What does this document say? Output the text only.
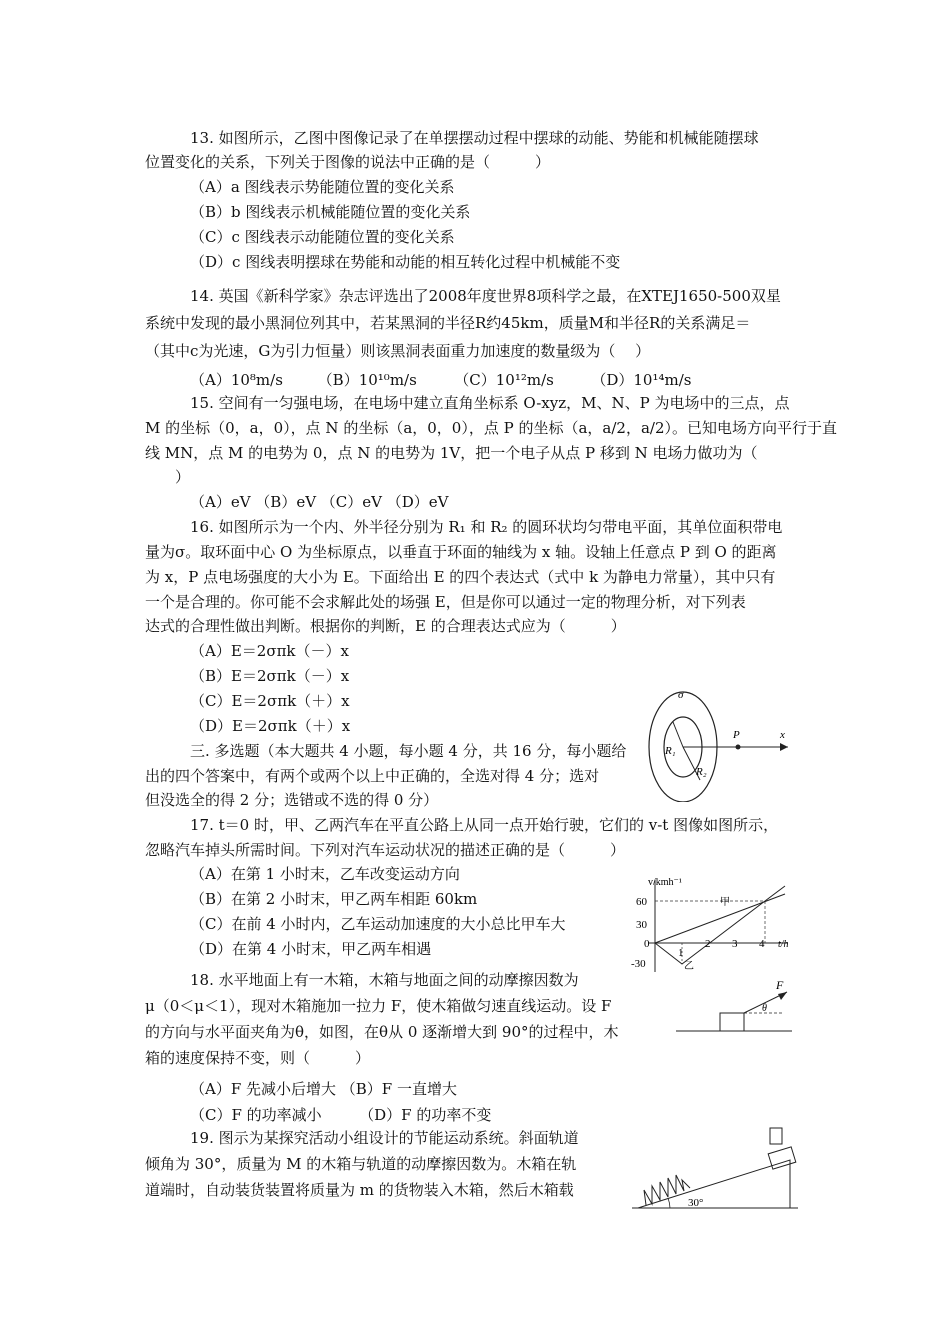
13. 如图所示，乙图中图像记录了在单摆摆动过程中摆球的动能、势能和机械能随摆球
位置变化的关系，下列关于图像的说法中正确的是（　　　）
（A）a 图线表示势能随位置的变化关系
（B）b 图线表示机械能随位置的变化关系
（C）c 图线表示动能随位置的变化关系
（D）c 图线表明摆球在势能和动能的相互转化过程中机械能不变
14. 英国《新科学家》杂志评选出了2008年度世界8项科学之最，在XTEJ1650-500双星
系统中发现的最小黑洞位列其中，若某黑洞的半径R约45km，质量M和半径R的关系满足＝
（其中c为光速，G为引力恒量）则该黑洞表面重力加速度的数量级为（　 ）
（A）10⁸m/s　　 （B）10¹⁰m/s　　　（C）10¹²m/s　　　（D）10¹⁴m/s
15. 空间有一匀强电场，在电场中建立直角坐标系 O-xyz，M、N、P 为电场中的三点，点
M 的坐标（0，a，0），点 N 的坐标（a，0，0），点 P 的坐标（a，a/2，a/2）。已知电场方向平行于直
线 MN，点 M 的电势为 0，点 N 的电势为 1V，把一个电子从点 P 移到 N 电场力做功为（
）
（A）eV （B）eV （C）eV （D）eV
16. 如图所示为一个内、外半径分别为 R₁ 和 R₂ 的圆环状均匀带电平面，其单位面积带电
量为σ。取环面中心 O 为坐标原点，以垂直于环面的轴线为 x 轴。设轴上任意点 P 到 O 的距离
为 x，P 点电场强度的大小为 E。下面给出 E 的四个表达式（式中 k 为静电力常量），其中只有
一个是合理的。你可能不会求解此处的场强 E，但是你可以通过一定的物理分析，对下列表
达式的合理性做出判断。根据你的判断，E 的合理表达式应为（　　　）
（A）E＝2σπk（－）x
（B）E＝2σπk（－）x
（C）E＝2σπk（＋）x
（D）E＝2σπk（＋）x
三. 多选题（本大题共 4 小题，每小题 4 分，共 16 分，每小题给
出的四个答案中，有两个或两个以上中正确的，全选对得 4 分；选对
但没选全的得 2 分；选错或不选的得 0 分）
17. t＝0 时，甲、乙两汽车在平直公路上从同一点开始行驶，它们的 v-t 图像如图所示，
忽略汽车掉头所需时间。下列对汽车运动状况的描述正确的是（　　　）
（A）在第 1 小时末，乙车改变运动方向
（B）在第 2 小时末，甲乙两车相距 60km
（C）在前 4 小时内，乙车运动加速度的大小总比甲车大
（D）在第 4 小时末，甲乙两车相遇
18. 水平地面上有一木箱，木箱与地面之间的动摩擦因数为
μ（0＜μ＜1），现对木箱施加一拉力 F，使木箱做匀速直线运动。设 F
的方向与水平面夹角为θ，如图，在θ从 0 逐渐增大到 90°的过程中，木
箱的速度保持不变，则（　　　）
（A）F 先减小后增大 （B）F 一直增大
（C）F 的功率减小　　　（D）F 的功率不变
19. 图示为某探究活动小组设计的节能运动系统。斜面轨道
倾角为 30°，质量为 M 的木箱与轨道的动摩擦因数为。木箱在轨
道端时，自动装货装置将质量为 m 的货物装入木箱，然后木箱载
σ
P	x
R₁
R₂
v/kmh⁻¹
t/h
60
30
0
-30
1
2 3 4
甲
乙
F
θ
30°
